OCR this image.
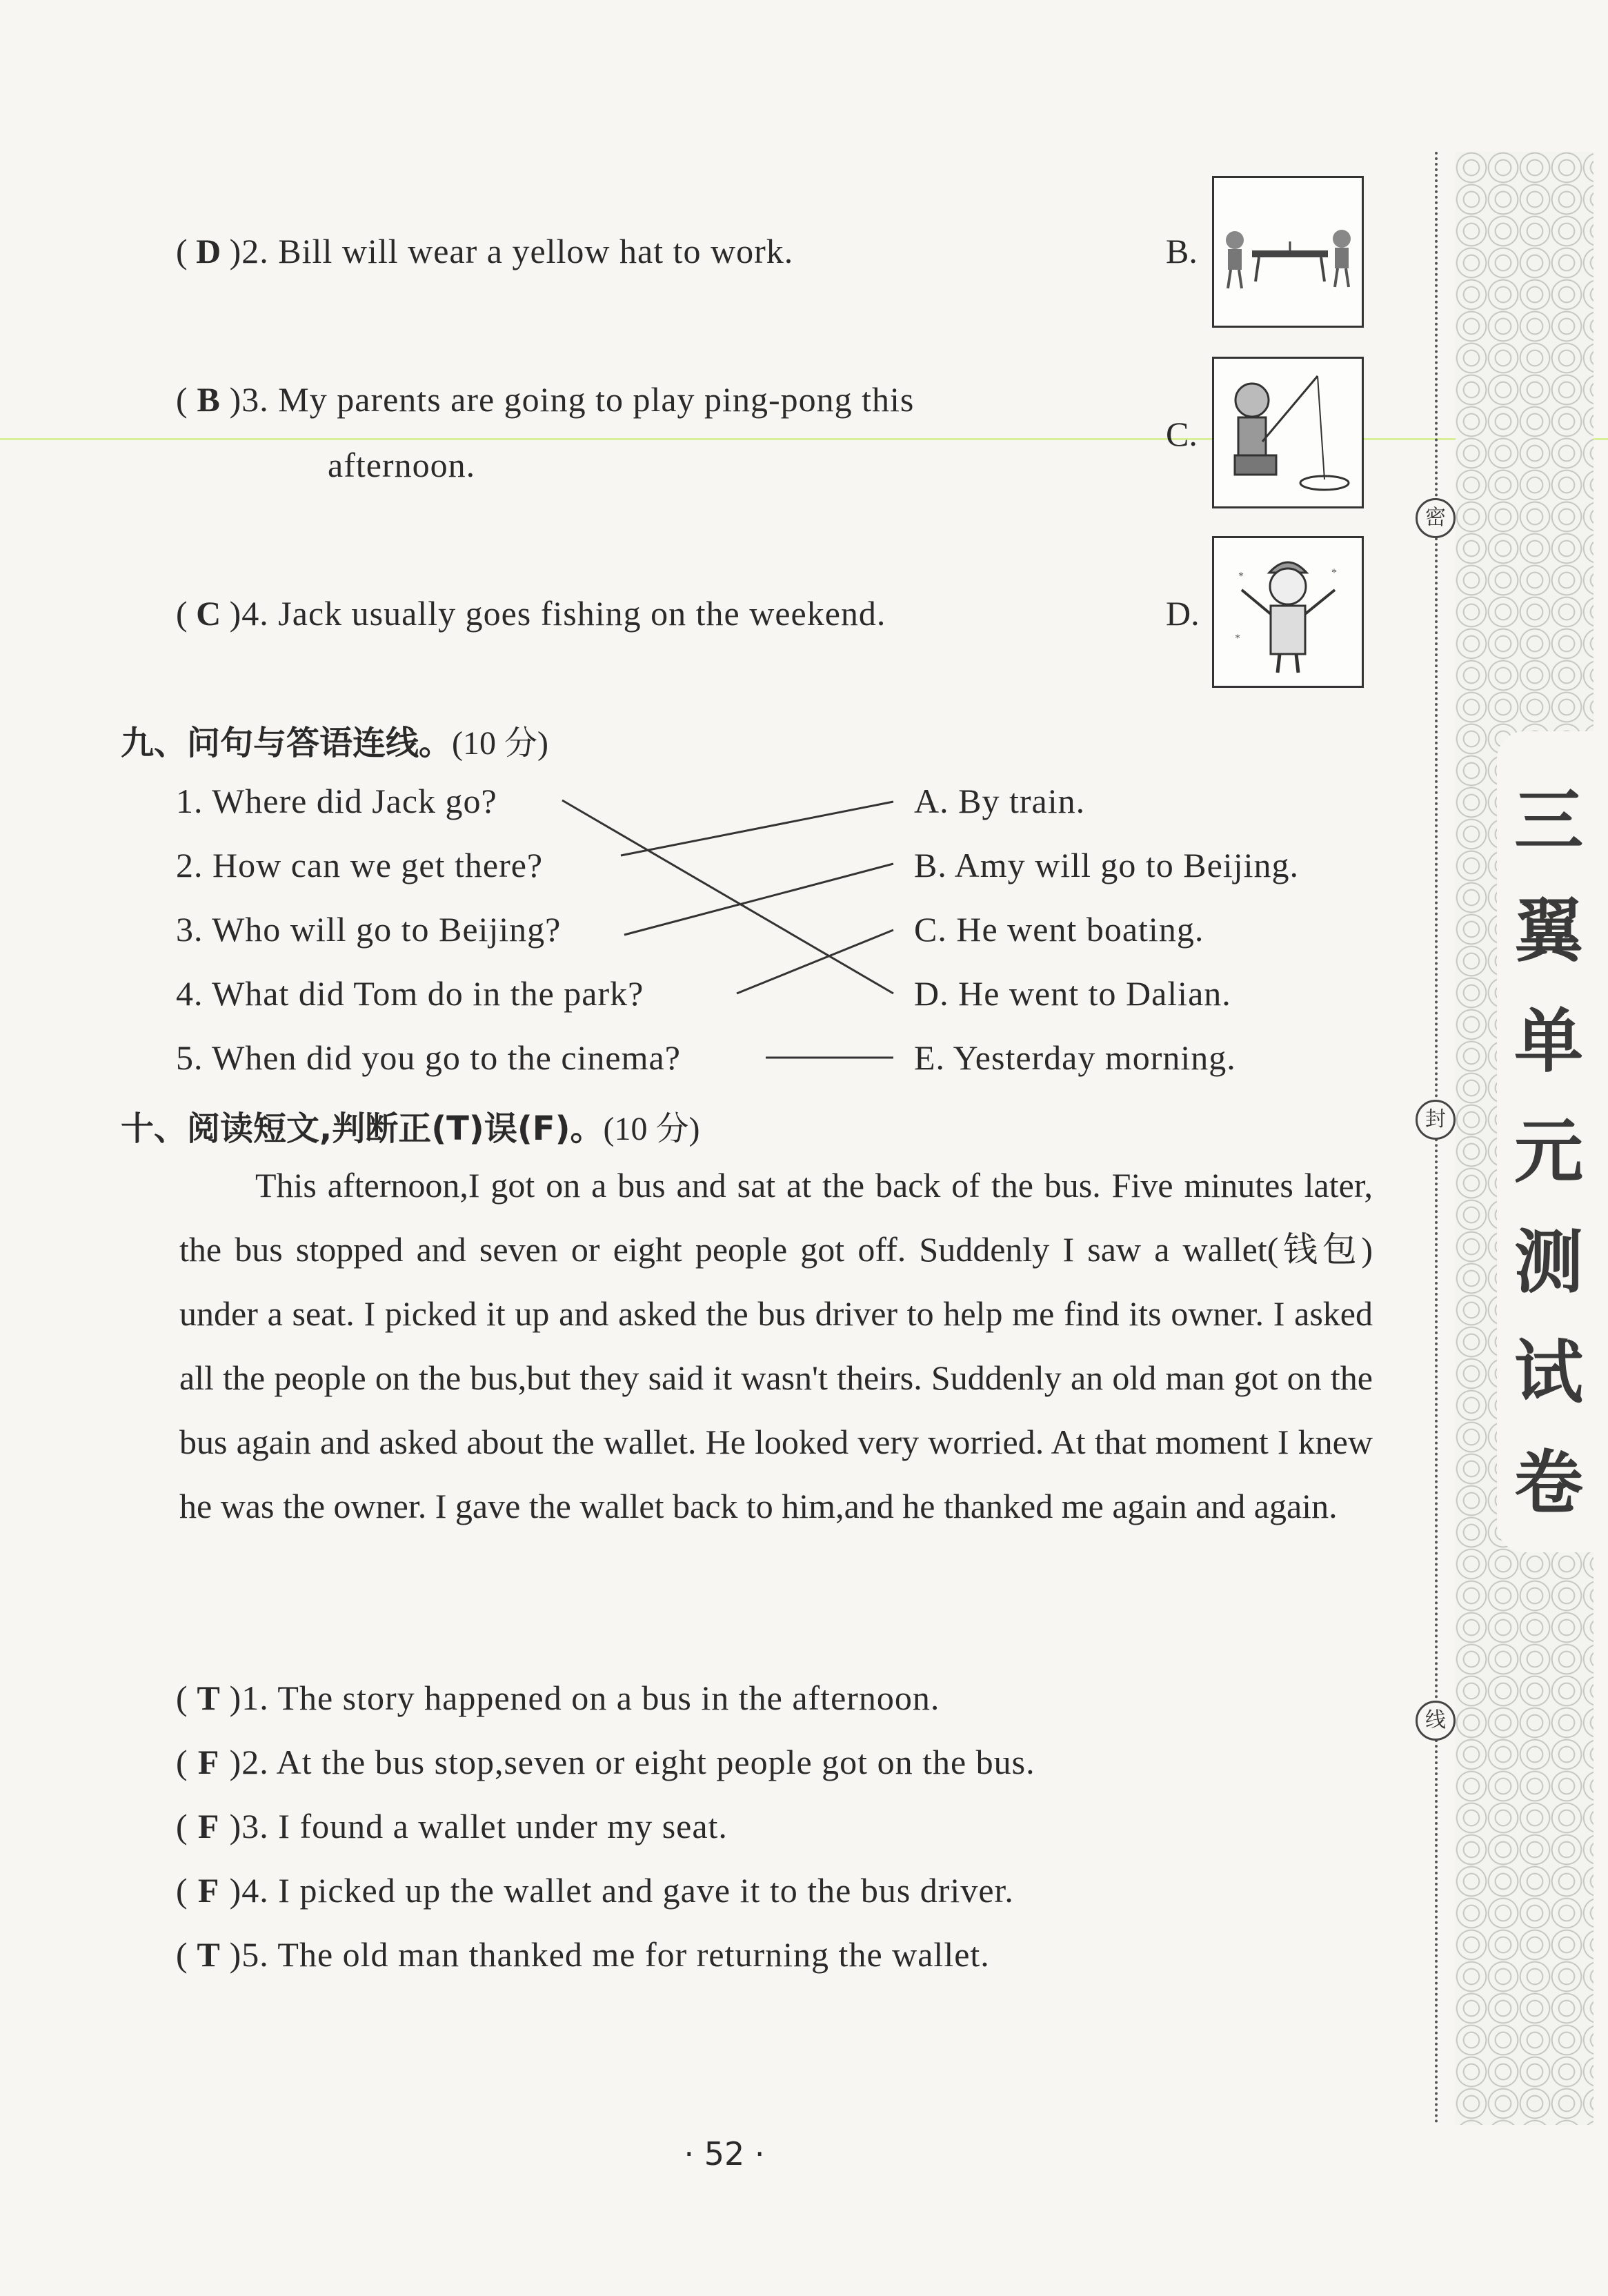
( D )2. Bill will wear a yellow hat to work.
( B )3. My parents are going to play ping-pong this
afternoon.
( C )4. Jack usually goes fishing on the weekend.
B.
C.
D.
*	*
*
九、问句与答语连线。(10 分)
1. Where did Jack go?
2. How can we get there?
3. Who will go to Beijing?
4. What did Tom do in the park?
5. When did you go to the cinema?
A. By train.
B. Amy will go to Beijing.
C. He went boating.
D. He went to Dalian.
E. Yesterday morning.
十、阅读短文,判断正(T)误(F)。(10 分)
This afternoon,I got on a bus and sat at the back of the bus. Five minutes later, the bus stopped and seven or eight people got off. Suddenly I saw a wallet(钱包) under a seat. I picked it up and asked the bus driver to help me find its owner. I asked all the people on the bus,but they said it wasn't theirs. Suddenly an old man got on the bus again and asked about the wallet. He looked very worried. At that moment I knew he was the owner. I gave the wallet back to him,and he thanked me again and again.
( T )1. The story happened on a bus in the afternoon.
( F )2. At the bus stop,seven or eight people got on the bus.
( F )3. I found a wallet under my seat.
( F )4. I picked up the wallet and gave it to the bus driver.
( T )5. The old man thanked me for returning the wallet.
三翼单元测试卷
密
封
线
· 52 ·
